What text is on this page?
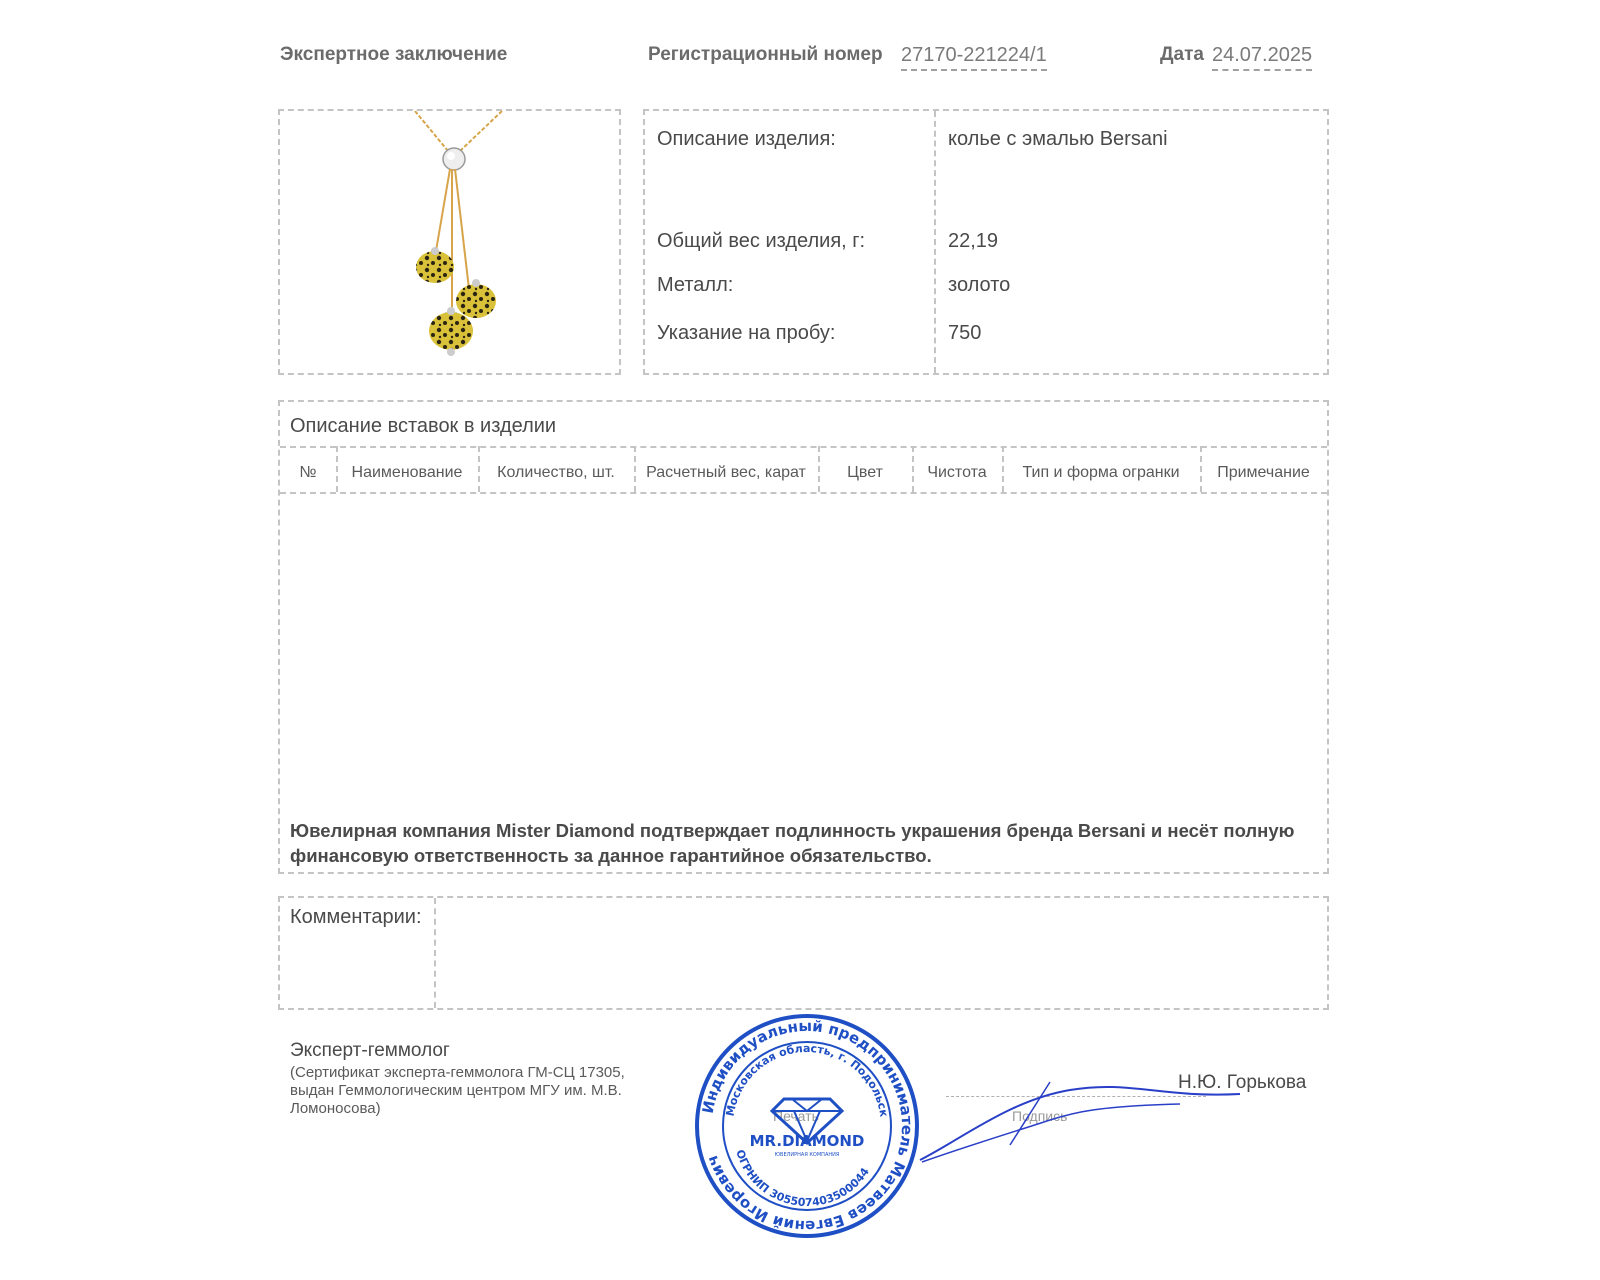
Экспертное заключение	Регистрационный номер 27170-221224/1	Дата 24.07.2025
Описание изделия:	колье с эмалью Bersani
Общий вес изделия, г:	22,19
Металл:	золото
Указание на пробу:	750
Описание вставок в изделии
№	Наименование	Количество, шт.	Расчетный вес, карат	Цвет	Чистота	Тип и форма огранки	Примечание
Ювелирная компания Mister Diamond подтверждает подлинность украшения бренда Bersani и несёт полную финансовую ответственность за данное гарантийное обязательство.
Комментарии:
Эксперт-геммолог
(Сертификат эксперта-геммолога ГМ-СЦ 17305, выдан Геммологическим центром МГУ им. М.В. Ломоносова)	Печать	Подпись
Н.Ю. Горькова
Индивидуальный предприниматель Матвеев Евгений Игоревич
Московская область, г. Подольск
ОГРНИП 305507403500044
MR.DIAMOND
ЮВЕЛИРНАЯ КОМПАНИЯ
